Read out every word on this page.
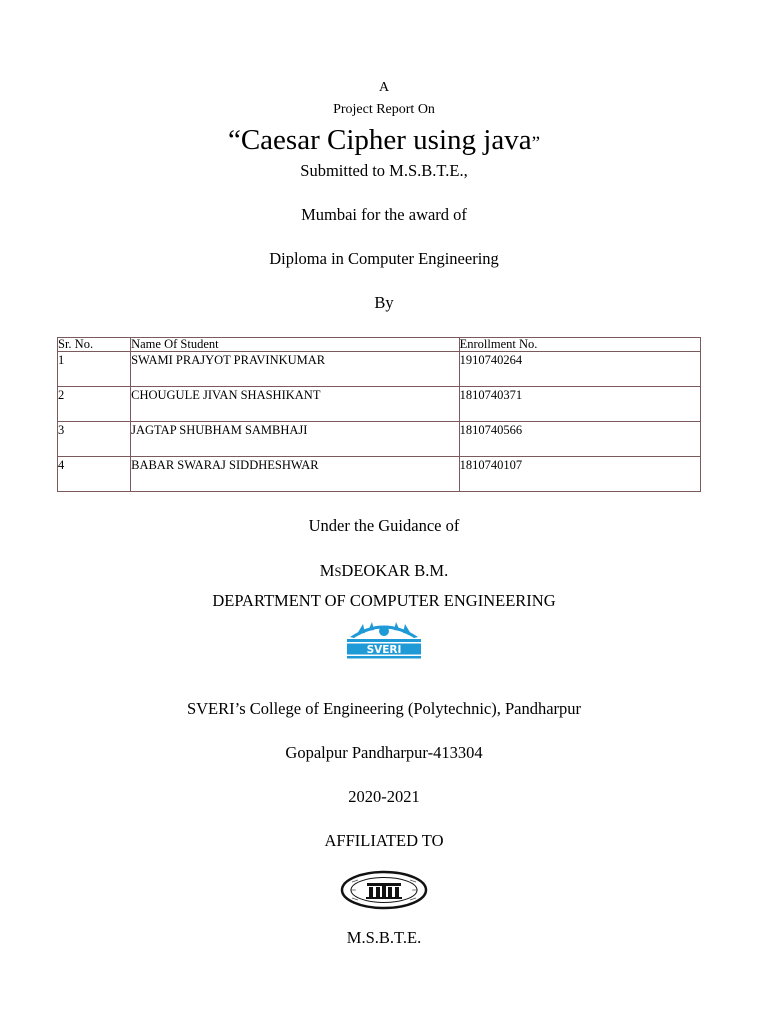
A
Project Report On
“Caesar Cipher using java”
Submitted to M.S.B.T.E.,
Mumbai for the award of
Diploma in Computer Engineering
By
Sr. No.	Name Of Student	Enrollment No.
1	SWAMI PRAJYOT PRAVINKUMAR	1910740264
2	CHOUGULE JIVAN SHASHIKANT	1810740371
3	JAGTAP SHUBHAM SAMBHAJI	1810740566
4	BABAR SWARAJ SIDDHESHWAR	1810740107
Under the Guidance of
MSDEOKAR B.M.
DEPARTMENT OF COMPUTER ENGINEERING
SVERI
SVERI’s College of Engineering (Polytechnic), Pandharpur
Gopalpur Pandharpur-413304
2020-2021
AFFILIATED TO
M.S.B.T.E.
